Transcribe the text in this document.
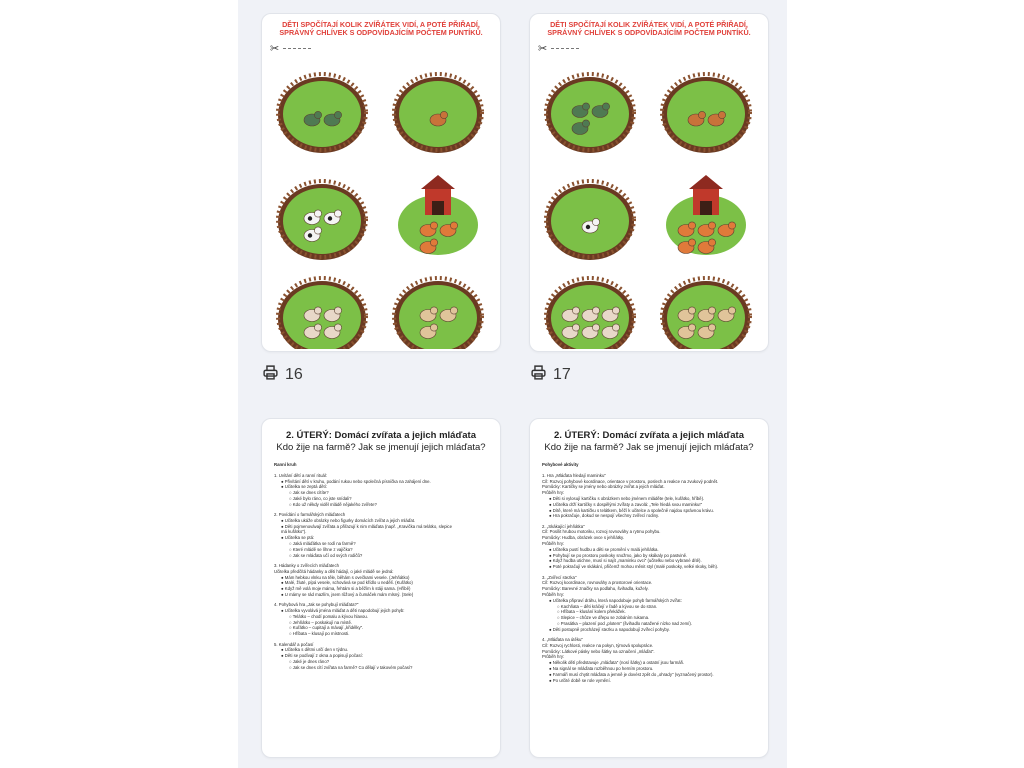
DĚTI SPOČÍTAJÍ KOLIK ZVÍŘÁTEK VIDÍ, A POTÉ PŘIŘADÍ, SPRÁVNÝ CHLÍVEK S ODPOVÍDAJÍCÍM POČTEM PUNTÍKŮ.
✂
DĚTI SPOČÍTAJÍ KOLIK ZVÍŘÁTEK VIDÍ, A POTÉ PŘIŘADÍ, SPRÁVNÝ CHLÍVEK S ODPOVÍDAJÍCÍM POČTEM PUNTÍKŮ.
✂
16	17
2. ÚTERÝ: Domácí zvířata a jejich mláďata
Kdo žije na farmě? Jak se jmenují jejich mláďata?
Ranní kruh
1. Uvítání dětí a ranní rituál:
● Přivítání dětí v kruhu, podání rukou nebo společná písnička na zahájení dne.
● Učitelka se zeptá dětí:
○ Jak se dnes cítíte?
○ Jaké bylo ráno, co jste snídali?
○ Kdo už někdy viděl mládě nějakého zvířete?
2. Povídání o farmářských mláďatech
● Učitelka ukáže obrázky nebo figurky domácích zvířat a jejich mláďat.
● Děti pojmenovávají zvířata a přiřazují k nim mláďata (např. „Kravička má telátko, slepice
má kuřátko").
● Učitelka se ptá:
○ Jaká mláďátka se rodí na farmě?
○ Které mládě se líhne z vajíčka?
○ Jak se mláďata učí od svých rodičů?
3. Hádanky o zvířecích mláďatech
Učitelka předčítá hádanky a děti hádají, o jaké mládě se jedná:
● Mám hebkou vlnku na těle, běhám s ovečkami vesele. (Jehňátko)
● Malé, žluté, pípá vesele, schovává se pod křídlo u nedělí. (Kuřátko)
● Když mě volá moje máma, řehtám si a běžím k stáji sama. (Hříbě)
● U mámy se rád mazlím, jsem růžový a čumáček mám mlsný. (Sele)
4. Pohybová hra „Jak se pohybují mláďata?"
● Učitelka vyvolává jména mláďat a děti napodobují jejich pohyb:
○ Telátko – chodí pomalu a kývou hlavou.
○ Jehňátko – poskakují na místě.
○ Kuřátko – cupitají a mávají „křidélky".
○ Hříbata – klusají po místnosti.
5. Kalendář a počasí
● Učitelka s dětmi určí den v týdnu.
● Děti se podívají z okna a popisují počasí:
○ Jaké je dnes ráno?
○ Jak se dnes cítí zvířata na farmě? Co dělají v takovém počasí?
2. ÚTERÝ: Domácí zvířata a jejich mláďata
Kdo žije na farmě? Jak se jmenují jejich mláďata?
Pohybové aktivity
1. Hra „Mláďata hledají maminku"
Cíl: Rozvoj pohybové koordinace, orientace v prostoru, poslech a reakce na zvukový podnět.
Pomůcky: Kartičky se jmény nebo obrázky zvířat a jejich mláďat.
Průběh hry:
● Děti si vylosují kartičku s obrázkem nebo jménem mláděte (tele, kuřátko, hříbě).
● Učitelka drží kartičky s dospělými zvířaty a zavolá: „Tele hledá svou maminku!"
● Dítě, které má kartičku s telátkem, běží k učitelce a společně najdou správnou krávu.
● Hra pokračuje, dokud se nespojí všechny zvířecí rodiny.
2. „Skákající jehňátka"
Cíl: Posílit hrubou motoriku, rozvoj rovnováhy a rytmu pohybu.
Pomůcky: Hudba, obrázek ovce s jehňátky.
Průběh hry:
● Učitelka pustí hudbu a děti se promění v malá jehňátka.
● Pohybují se po prostoru poskoky snožmo, jako by skákaly po pastvině.
● Když hudba utichne, musí si najít „maminku ovci" (učitelku nebo vybrané dítě).
● Poté pokračují ve skákání, přičemž mohou měnit styl (malé poskoky, velké skoky, běh).
3. „Zvířecí stezka"
Cíl: Rozvoj koordinace, rovnováhy a prostorové orientace.
Pomůcky: Barevné značky na podlahu, švihadla, kužely.
Průběh hry:
● Učitelka připraví dráhu, která napodobuje pohyb farmářských zvířat:
○ Kachňata – děti kráčejí v řadě a kývou se do stran.
○ Hříbata – klusání kolem překážek.
○ Slepice – chůze ve dřepu se zobáním rukama.
○ Prasátka – plazení pod „plotem" (švihadlo natažené nízko nad zemí).
● Děti postupně procházejí stezku a napodobují zvířecí pohyby.
4. „Mláďata na útěku"
Cíl: Rozvoj rychlosti, reakce na pokyn, týmová spolupráce.
Pomůcky: Látkové pásky nebo šátky na označení „mláďat".
Průběh hry:
● Několik dětí představuje „mláďata" (nosí šátky) a ostatní jsou farmáři.
● Na signál se mláďata rozběhnou po herním prostoru.
● Farmáři musí chytit mláďata a jemně je dovést zpět do „ohrady" (vyznačený prostor).
● Po určité době se role vymění.
